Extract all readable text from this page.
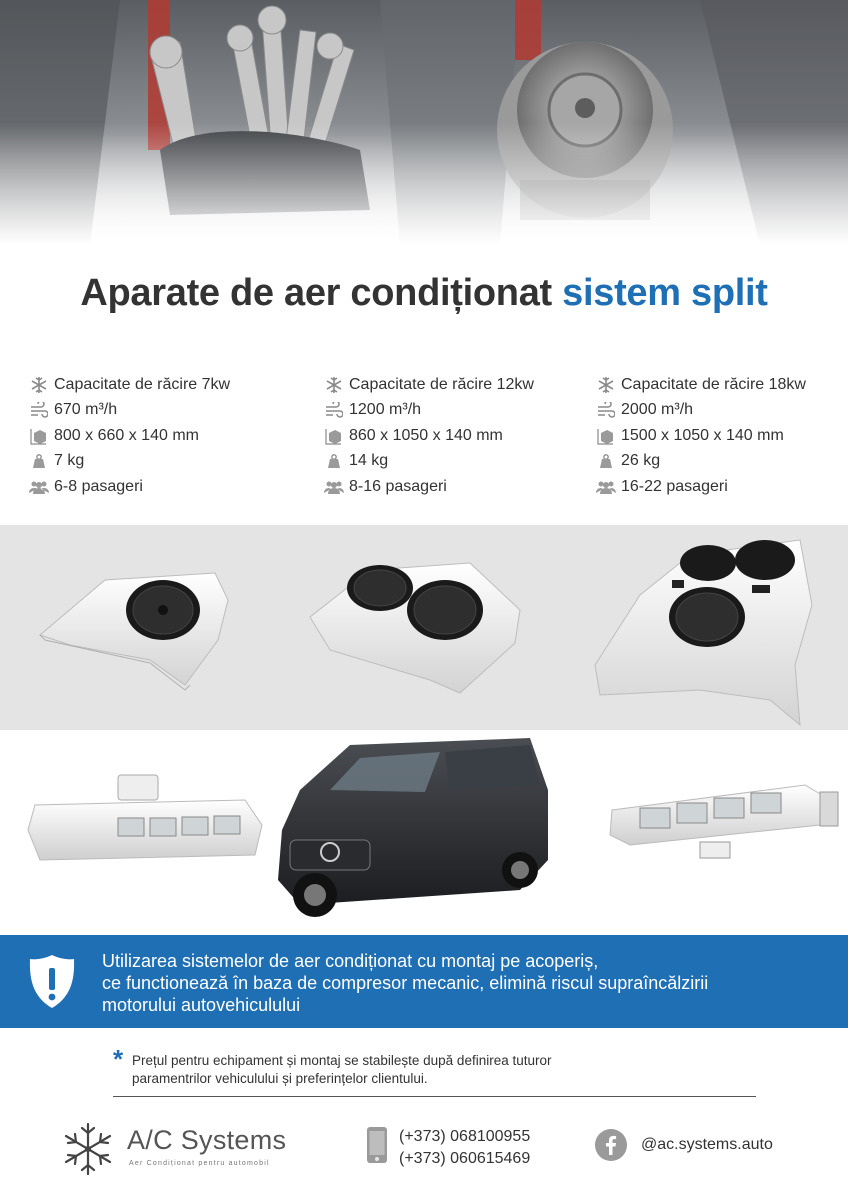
Aparate de aer condiționat sistem split
Capacitate de răcire 7kw
670 m³/h
800 x 660 x 140 mm
7 kg
6-8 pasageri
Capacitate de răcire 12kw
1200 m³/h
860 x 1050 x 140 mm
14 kg
8-16 pasageri
Capacitate de răcire 18kw
2000 m³/h
1500 x 1050 x 140 mm
26 kg
16-22 pasageri
Utilizarea sistemelor de aer condiționat cu montaj pe acoperiș,
ce functionează în baza de compresor mecanic, elimină riscul supraîncălzirii
motorului autovehiculului
* Prețul pentru echipament și montaj se stabilește după definirea tuturor
paramentrilor vehiculului și preferințelor clientului.
A/C Systems
Aer Condiționat pentru automobil
(+373) 068100955
(+373) 060615469
@ac.systems.auto
